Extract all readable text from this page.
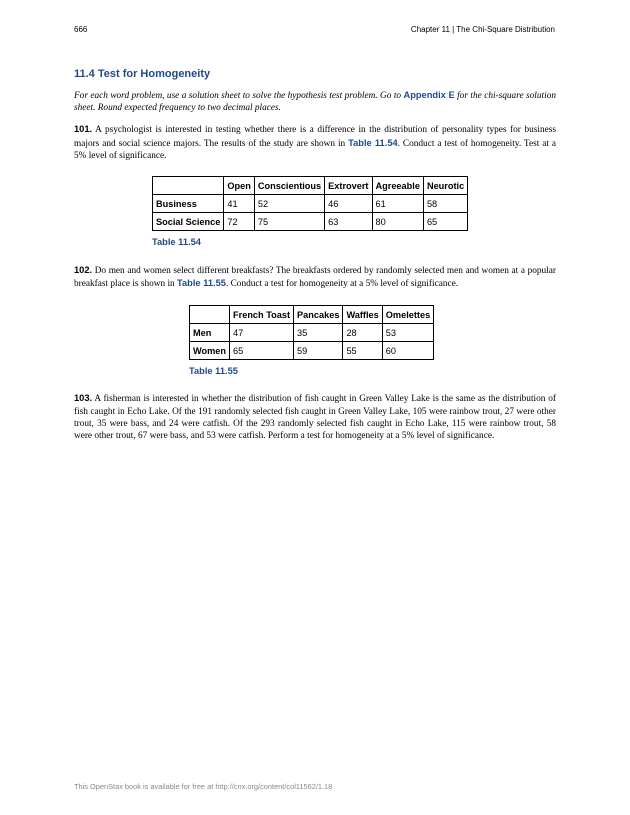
666	Chapter 11 | The Chi-Square Distribution
11.4 Test for Homogeneity

For each word problem, use a solution sheet to solve the hypothesis test problem. Go to Appendix E for the chi-square solution sheet. Round expected frequency to two decimal places.

101. A psychologist is interested in testing whether there is a difference in the distribution of personality types for business majors and social science majors. The results of the study are shown in Table 11.54. Conduct a test of homogeneity. Test at a 5% level of significance.

	Open	Conscientious	Extrovert	Agreeable	Neurotic
Business	41	52	46	61	58
Social Science	72	75	63	80	65
Table 11.54

102. Do men and women select different breakfasts? The breakfasts ordered by randomly selected men and women at a popular breakfast place is shown in Table 11.55. Conduct a test for homogeneity at a 5% level of significance.

	French Toast	Pancakes	Waffles	Omelettes
Men	47	35	28	53
Women	65	59	55	60
Table 11.55

103. A fisherman is interested in whether the distribution of fish caught in Green Valley Lake is the same as the distribution of fish caught in Echo Lake. Of the 191 randomly selected fish caught in Green Valley Lake, 105 were rainbow trout, 27 were other trout, 35 were bass, and 24 were catfish. Of the 293 randomly selected fish caught in Echo Lake, 115 were rainbow trout, 58 were other trout, 67 were bass, and 53 were catfish. Perform a test for homogeneity at a 5% level of significance.

This OpenStax book is available for free at http://cnx.org/content/col11562/1.18
